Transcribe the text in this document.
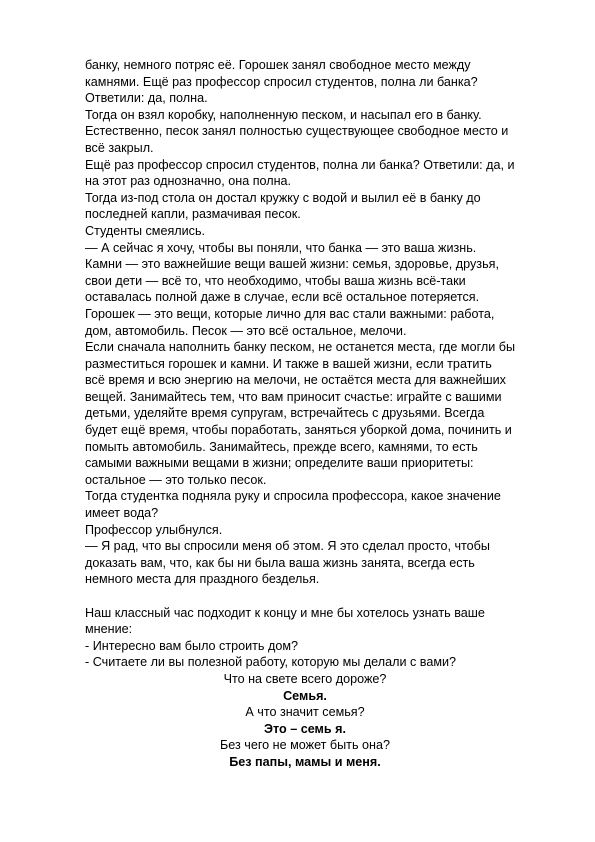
банку, немного потряс её. Горошек занял свободное место между
камнями. Ещё раз профессор спросил студентов, полна ли банка?
Ответили: да, полна.
Тогда он взял коробку, наполненную песком, и насыпал его в банку.
Естественно, песок занял полностью существующее свободное место и
всё закрыл.
Ещё раз профессор спросил студентов, полна ли банка? Ответили: да, и
на этот раз однозначно, она полна.
Тогда из-под стола он достал кружку с водой и вылил её в банку до
последней капли, размачивая песок.
Студенты смеялись.
— А сейчас я хочу, чтобы вы поняли, что банка — это ваша жизнь.
Камни — это важнейшие вещи вашей жизни: семья, здоровье, друзья,
свои дети — всё то, что необходимо, чтобы ваша жизнь всё-таки
оставалась полной даже в случае, если всё остальное потеряется.
Горошек — это вещи, которые лично для вас стали важными: работа,
дом, автомобиль. Песок — это всё остальное, мелочи.
Если сначала наполнить банку песком, не останется места, где могли бы
разместиться горошек и камни. И также в вашей жизни, если тратить
всё время и всю энергию на мелочи, не остаётся места для важнейших
вещей. Занимайтесь тем, что вам приносит счастье: играйте с вашими
детьми, уделяйте время супругам, встречайтесь с друзьями. Всегда
будет ещё время, чтобы поработать, заняться уборкой дома, починить и
помыть автомобиль. Занимайтесь, прежде всего, камнями, то есть
самыми важными вещами в жизни; определите ваши приоритеты:
остальное — это только песок.
Тогда студентка подняла руку и спросила профессора, какое значение
имеет вода?
Профессор улыбнулся.
— Я рад, что вы спросили меня об этом. Я это сделал просто, чтобы
доказать вам, что, как бы ни была ваша жизнь занята, всегда есть
немного места для праздного безделья.
Наш классный час подходит к концу и мне бы хотелось узнать ваше
мнение:
- Интересно вам было строить дом?
- Считаете ли вы полезной работу, которую мы делали с вами?
Что на свете всего дороже?
Семья.
А что значит семья?
Это – семь я.
Без чего не может быть она?
Без папы, мамы и меня.
